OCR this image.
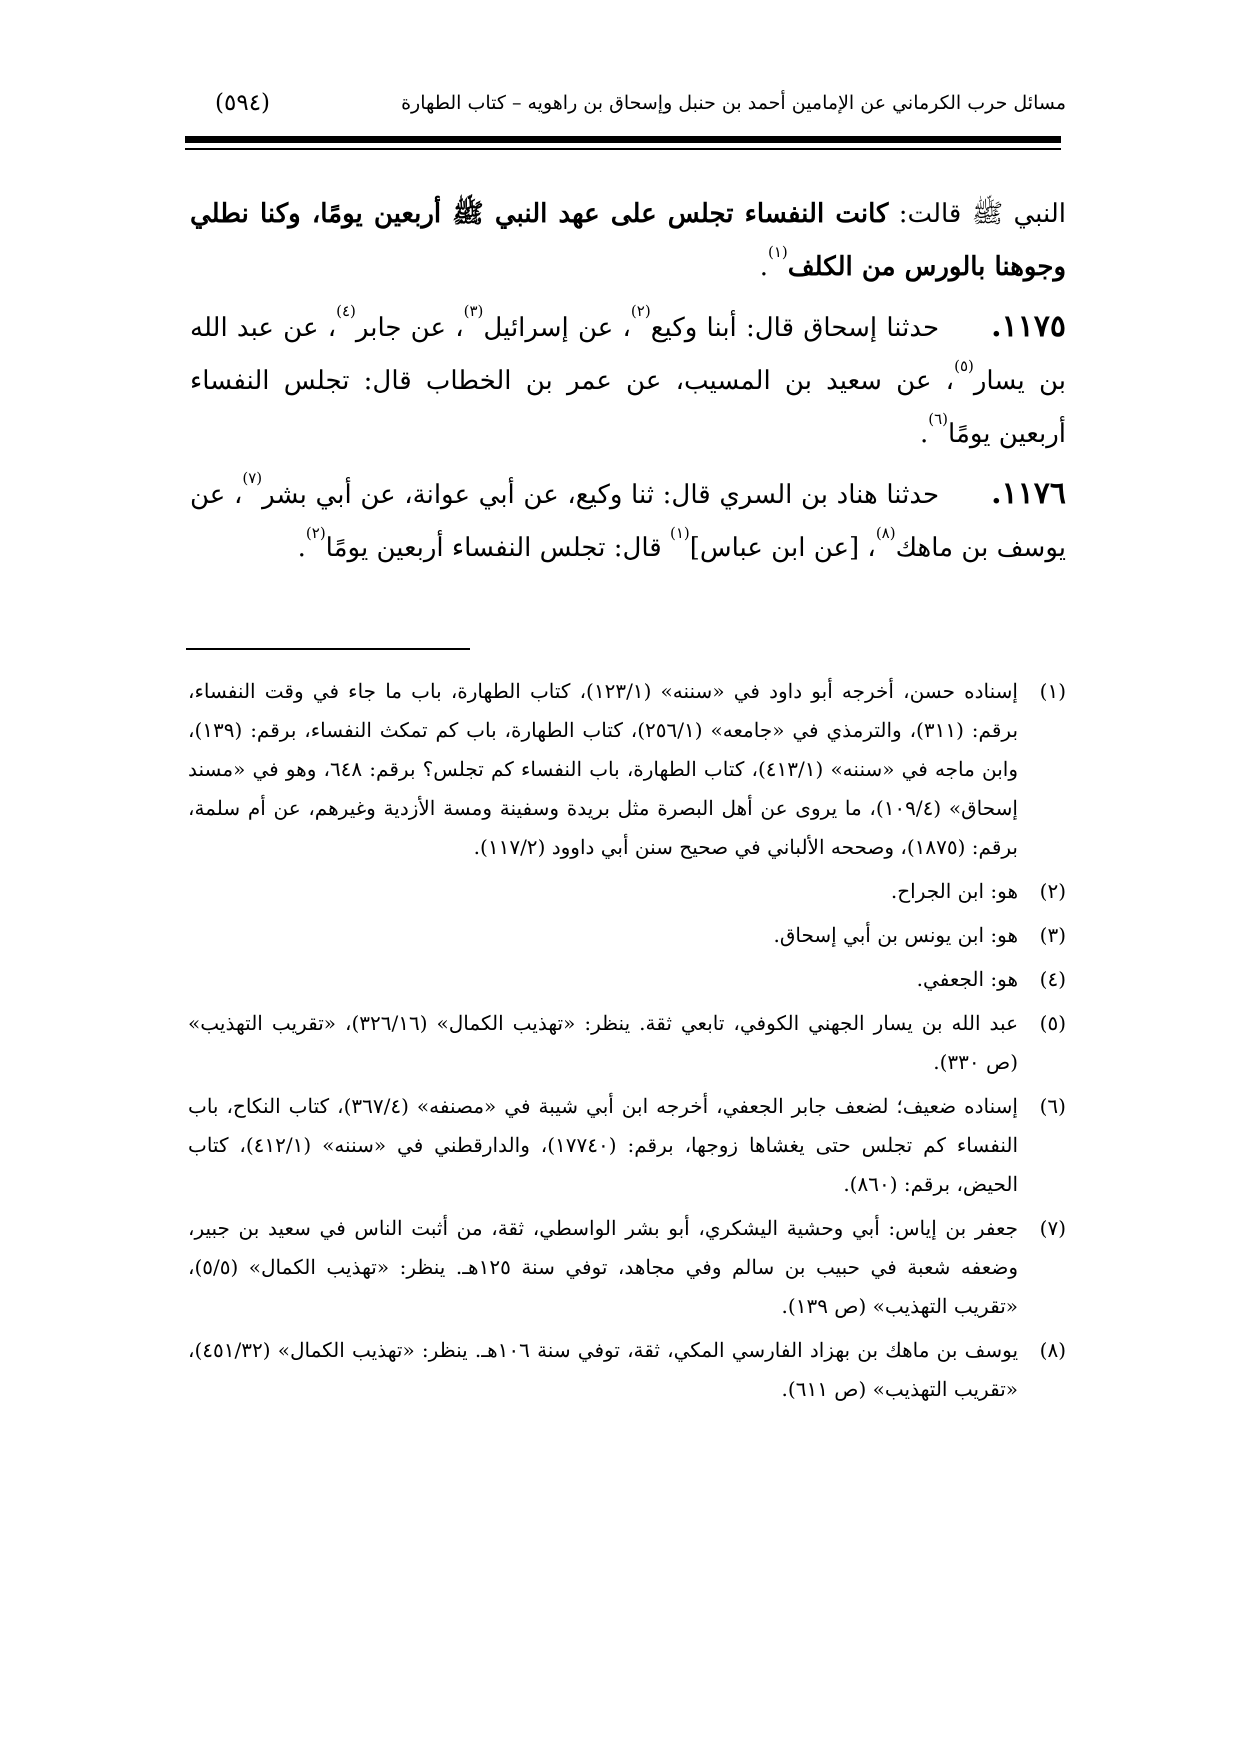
مسائل حرب الكرماني عن الإمامين أحمد بن حنبل وإسحاق بن راهويه – كتاب الطهارة
(٥٩٤)

النبي ﷺ قالت: كانت النفساء تجلس على عهد النبي ﷺ أربعين يومًا، وكنا نطلي وجوهنا بالورس من الكلف$^{(١)}$.

١١٧٥.حدثنا إسحاق قال: أبنا وكيع$^{(٢)}$، عن إسرائيل$^{(٣)}$، عن جابر$^{(٤)}$، عن عبد الله بن يسار$^{(٥)}$، عن سعيد بن المسيب، عن عمر بن الخطاب قال: تجلس النفساء أربعين يومًا$^{(٦)}$.

١١٧٦.حدثنا هناد بن السري قال: ثنا وكيع، عن أبي عوانة، عن أبي بشر$^{(٧)}$، عن يوسف بن ماهك$^{(٨)}$، [عن ابن عباس]$^{(١)}$ قال: تجلس النفساء أربعين يومًا$^{(٢)}$.

(١)إسناده حسن، أخرجه أبو داود في «سننه» (١٢٣/١)، كتاب الطهارة، باب ما جاء في وقت النفساء، برقم: (٣١١)، والترمذي في «جامعه» (٢٥٦/١)، كتاب الطهارة، باب كم تمكث النفساء، برقم: (١٣٩)، وابن ماجه في «سننه» (٤١٣/١)، كتاب الطهارة، باب النفساء كم تجلس؟ برقم: ٦٤٨، وهو في «مسند إسحاق» (١٠٩/٤)، ما يروى عن أهل البصرة مثل بريدة وسفينة ومسة الأزدية وغيرهم، عن أم سلمة، برقم: (١٨٧٥)، وصححه الألباني في صحيح سنن أبي داوود (١١٧/٢).

(٢)هو: ابن الجراح.

(٣)هو: ابن يونس بن أبي إسحاق.

(٤)هو: الجعفي.

(٥)عبد الله بن يسار الجهني الكوفي، تابعي ثقة. ينظر: «تهذيب الكمال» (٣٢٦/١٦)، «تقريب التهذيب» (ص ٣٣٠).

(٦)إسناده ضعيف؛ لضعف جابر الجعفي، أخرجه ابن أبي شيبة في «مصنفه» (٣٦٧/٤)، كتاب النكاح، باب النفساء كم تجلس حتى يغشاها زوجها، برقم: (١٧٧٤٠)، والدارقطني في «سننه» (٤١٢/١)، كتاب الحيض، برقم: (٨٦٠).

(٧)جعفر بن إياس: أبي وحشية اليشكري، أبو بشر الواسطي، ثقة، من أثبت الناس في سعيد بن جبير، وضعفه شعبة في حبيب بن سالم وفي مجاهد، توفي سنة ١٢٥هـ. ينظر: «تهذيب الكمال» (٥/٥)، «تقريب التهذيب» (ص ١٣٩).

(٨)يوسف بن ماهك بن بهزاد الفارسي المكي، ثقة، توفي سنة ١٠٦هـ. ينظر: «تهذيب الكمال» (٤٥١/٣٢)، «تقريب التهذيب» (ص ٦١١).
